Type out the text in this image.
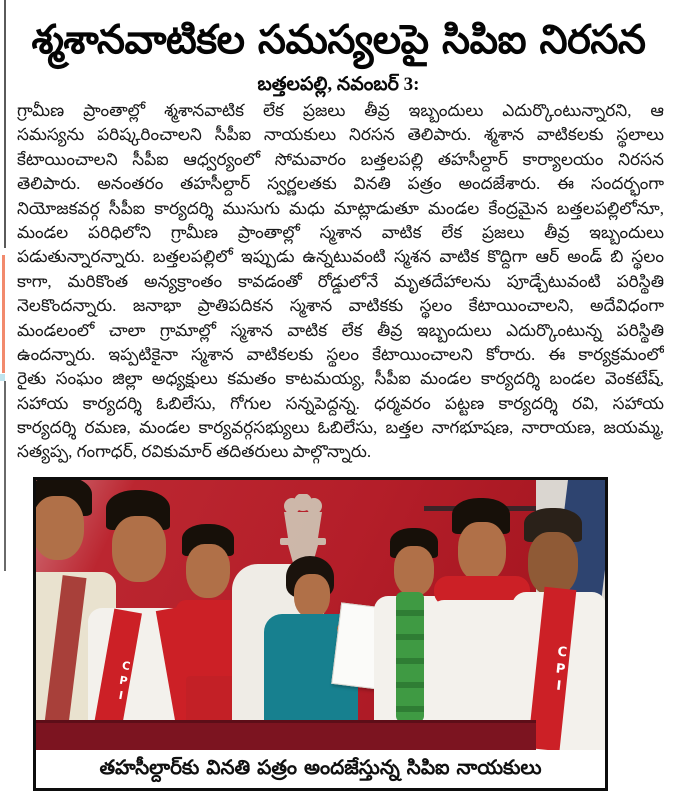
శ్మశానవాటికల సమస్యలపై సిపిఐ నిరసన
బత్తలపల్లి, నవంబర్ 3:
గ్రామీణ ప్రాంతాల్లో శ్మశానవాటిక లేక ప్రజలు తీవ్ర ఇబ్బందులు ఎదుర్కొంటున్నారని, ఆ
సమస్యను పరిష్కరించాలని సీపీఐ నాయకులు నిరసన తెలిపారు. శ్మశాన వాటికలకు స్థలాలు
కేటాయించాలని సీపీఐ ఆధ్వర్యంలో సోమవారం బత్తలపల్లి తహసీల్దార్ కార్యాలయం నిరసన
తెలిపారు. అనంతరం తహసీల్దార్ స్వర్ణలతకు వినతి పత్రం అందజేశారు. ఈ సందర్భంగా
నియోజకవర్గ సీపీఐ కార్యదర్శి ముసుగు మధు మాట్లాడుతూ మండల కేంద్రమైన బత్తలపల్లిలోనూ,
మండల పరిధిలోని గ్రామీణ ప్రాంతాల్లో స్మశాన వాటిక లేక ప్రజలు తీవ్ర ఇబ్బందులు
పడుతున్నారన్నారు. బత్తలపల్లిలో ఇప్పుడు ఉన్నటువంటి స్మశన వాటిక కొద్దిగా ఆర్ అండ్ బి స్థలం
కాగా, మరికొంత అన్యక్రాంతం కావడంతో రోడ్డులోనే మృతదేహాలను పూడ్చేటువంటి పరిస్థితి
నెలకొందన్నారు. జనాభా ప్రాతిపదికన స్మశాన వాటికకు స్థలం కేటాయించాలని, అదేవిధంగా
మండలంలో చాలా గ్రామాల్లో స్మశాన వాటిక లేక తీవ్ర ఇబ్బందులు ఎదుర్కొంటున్న పరిస్థితి
ఉందన్నారు. ఇప్పటికైనా స్మశాన వాటికలకు స్థలం కేటాయించాలని కోరారు. ఈ కార్యక్రమంలో
రైతు సంఘం జిల్లా అధ్యక్షులు కమతం కాటమయ్య, సీపీఐ మండల కార్యదర్శి బండల వెంకటేష్,
సహాయ కార్యదర్శి ఓబిలేసు, గోగుల సన్నపెద్దన్న. ధర్మవరం పట్టణ కార్యదర్శి రవి, సహాయ
కార్యదర్శి రమణ, మండల కార్యవర్గసభ్యులు ఓబిలేసు, బత్తల నాగభూషణ, నారాయణ, జయమ్మ,
సత్యప్ప, గంగాధర్, రవికుమార్ తదితరులు పాల్గొన్నారు.
CPI	CPI
తహసీల్దార్‌కు వినతి పత్రం అందజేస్తున్న సిపిఐ నాయకులు
